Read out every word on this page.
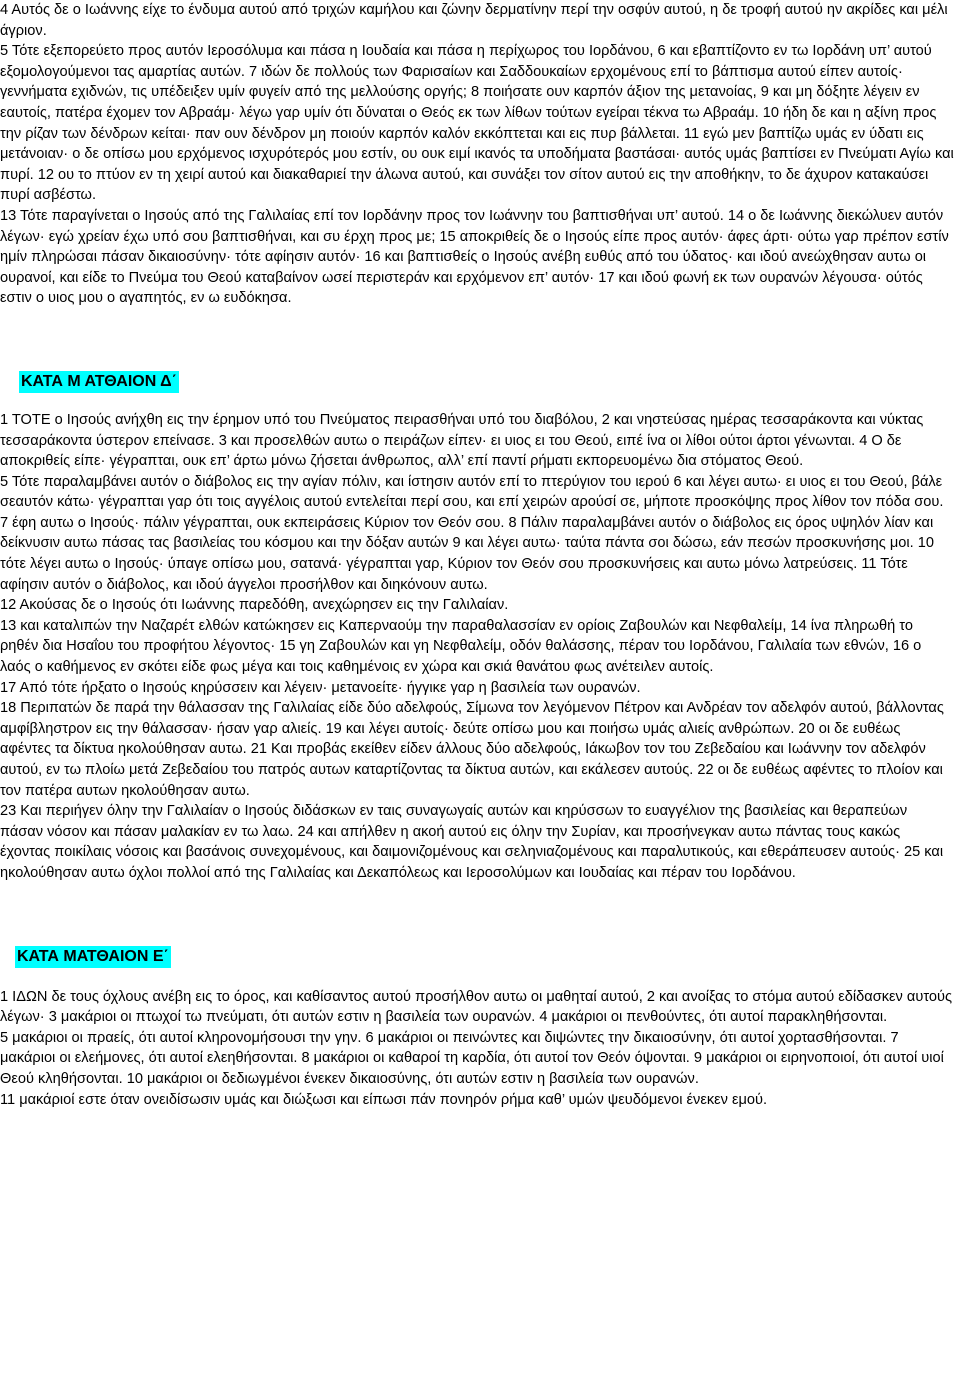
4 Αυτός δε ο Ιωάννης είχε το ένδυμα αυτού από τριχών καμήλου και ζώνην δερματίνην περί την οσφύν αυτού, η δε τροφή αυτού ην ακρίδες και μέλι άγριον.

5 Τότε εξεπορεύετο προς αυτόν Ιεροσόλυμα και πάσα η Ιουδαία και πάσα η περίχωρος του Ιορδάνου, 6 και εβαπτίζοντο εν τω Ιορδάνη υπ’ αυτού εξομολογούμενοι τας αμαρτίας αυτών. 7 ιδών δε πολλούς των Φαρισαίων και Σαδδουκαίων ερχομένους επί το βάπτισμα αυτού είπεν αυτοίς· γεννήματα εχιδνών, τις υπέδειξεν υμίν φυγείν από της μελλούσης οργής; 8 ποιήσατε ουν καρπόν άξιον της μετανοίας, 9 και μη δόξητε λέγειν εν εαυτοίς, πατέρα έχομεν τον Αβραάμ· λέγω γαρ υμίν ότι δύναται ο Θεός εκ των λίθων τούτων εγείραι τέκνα τω Αβραάμ. 10 ήδη δε και η αξίνη προς την ρίζαν των δένδρων κείται· παν ουν δένδρον μη ποιούν καρπόν καλόν εκκόπτεται και εις πυρ βάλλεται. 11 εγώ μεν βαπτίζω υμάς εν ύδατι εις μετάνοιαν· ο δε οπίσω μου ερχόμενος ισχυρότερός μου εστίν, ου ουκ ειμί ικανός τα υποδήματα βαστάσαι· αυτός υμάς βαπτίσει εν Πνεύματι Αγίω και πυρί. 12 ου το πτύον εν τη χειρί αυτού και διακαθαριεί την άλωνα αυτού, και συνάξει τον σίτον αυτού εις την αποθήκην, το δε άχυρον κατακαύσει πυρί ασβέστω.

13 Τότε παραγίνεται ο Ιησούς από της Γαλιλαίας επί τον Ιορδάνην προς τον Ιωάννην του βαπτισθήναι υπ’ αυτού. 14 ο δε Ιωάννης διεκώλυεν αυτόν λέγων· εγώ χρείαν έχω υπό σου βαπτισθήναι, και συ έρχη προς με; 15 αποκριθείς δε ο Ιησούς είπε προς αυτόν· άφες άρτι· ούτω γαρ πρέπον εστίν ημίν πληρώσαι πάσαν δικαιοσύνην· τότε αφίησιν αυτόν· 16 και βαπτισθείς ο Ιησούς ανέβη ευθύς από του ύδατος· και ιδού ανεώχθησαν αυτω οι ουρανοί, και είδε το Πνεύμα του Θεού καταβαίνον ωσεί περιστεράν και ερχόμενον επ’ αυτόν· 17 και ιδού φωνή εκ των ουρανών λέγουσα· ούτός εστιν ο υιος μου ο αγαπητός, εν ω ευδόκησα.

ΚΑΤΑ Μ ΑΤΘΑΙΟΝ Δ΄

1 ΤΟΤΕ ο Ιησούς ανήχθη εις την έρημον υπό του Πνεύματος πειρασθήναι υπό του διαβόλου, 2 και νηστεύσας ημέρας τεσσαράκοντα και νύκτας τεσσαράκοντα ύστερον επείνασε. 3 και προσελθών αυτω ο πειράζων είπεν· ει υιος ει του Θεού, ειπέ ίνα οι λίθοι ούτοι άρτοι γένωνται. 4 Ο δε αποκριθείς είπε· γέγραπται, ουκ επ’ άρτω μόνω ζήσεται άνθρωπος, αλλ’ επί παντί ρήματι εκπορευομένω δια στόματος Θεού.

5 Τότε παραλαμβάνει αυτόν ο διάβολος εις την αγίαν πόλιν, και ίστησιν αυτόν επί το πτερύγιον του ιερού 6 και λέγει αυτω· ει υιος ει του Θεού, βάλε σεαυτόν κάτω· γέγραπται γαρ ότι τοις αγγέλοις αυτού εντελείται περί σου, και επί χειρών αρούσί σε, μήποτε προσκόψης προς λίθον τον πόδα σου. 7 έφη αυτω ο Ιησούς· πάλιν γέγραπται, ουκ εκπειράσεις Κύριον τον Θεόν σου. 8 Πάλιν παραλαμβάνει αυτόν ο διάβολος εις όρος υψηλόν λίαν και δείκνυσιν αυτω πάσας τας βασιλείας του κόσμου και την δόξαν αυτών 9 και λέγει αυτω· ταύτα πάντα σοι δώσω, εάν πεσών προσκυνήσης μοι. 10 τότε λέγει αυτω ο Ιησούς· ύπαγε οπίσω μου, σατανά· γέγραπται γαρ, Κύριον τον Θεόν σου προσκυνήσεις και αυτω μόνω λατρεύσεις. 11 Τότε αφίησιν αυτόν ο διάβολος, και ιδού άγγελοι προσήλθον και διηκόνουν αυτω.

12 Ακούσας δε ο Ιησούς ότι Ιωάννης παρεδόθη, ανεχώρησεν εις την Γαλιλαίαν.

13 και καταλιπών την Ναζαρέτ ελθών κατώκησεν εις Καπερναούμ την παραθαλασσίαν εν ορίοις Ζαβουλών και Νεφθαλείμ, 14 ίνα πληρωθή το ρηθέν δια Ησαΐου του προφήτου λέγοντος· 15 γη Ζαβουλών και γη Νεφθαλείμ, οδόν θαλάσσης, πέραν του Ιορδάνου, Γαλιλαία των εθνών, 16 ο λαός ο καθήμενος εν σκότει είδε φως μέγα και τοις καθημένοις εν χώρα και σκιά θανάτου φως ανέτειλεν αυτοίς.

17 Από τότε ήρξατο ο Ιησούς κηρύσσειν και λέγειν· μετανοείτε· ήγγικε γαρ η βασιλεία των ουρανών.

18 Περιπατών δε παρά την θάλασσαν της Γαλιλαίας είδε δύο αδελφούς, Σίμωνα τον λεγόμενον Πέτρον και Ανδρέαν τον αδελφόν αυτού, βάλλοντας αμφίβληστρον εις την θάλασσαν· ήσαν γαρ αλιείς. 19 και λέγει αυτοίς· δεύτε οπίσω μου και ποιήσω υμάς αλιείς ανθρώπων. 20 οι δε ευθέως αφέντες τα δίκτυα ηκολούθησαν αυτω. 21 Και προβάς εκείθεν είδεν άλλους δύο αδελφούς, Ιάκωβον τον του Ζεβεδαίου και Ιωάννην τον αδελφόν αυτού, εν τω πλοίω μετά Ζεβεδαίου του πατρός αυτων καταρτίζοντας τα δίκτυα αυτών, και εκάλεσεν αυτούς. 22 οι δε ευθέως αφέντες το πλοίον και τον πατέρα αυτων ηκολούθησαν αυτω.

23 Και περιήγεν όλην την Γαλιλαίαν ο Ιησούς διδάσκων εν ταις συναγωγαίς αυτών και κηρύσσων το ευαγγέλιον της βασιλείας και θεραπεύων πάσαν νόσον και πάσαν μαλακίαν εν τω λαω. 24 και απήλθεν η ακοή αυτού εις όλην την Συρίαν, και προσήνεγκαν αυτω πάντας τους κακώς έχοντας ποικίλαις νόσοις και βασάνοις συνεχομένους, και δαιμονιζομένους και σεληνιαζομένους και παραλυτικούς, και εθεράπευσεν αυτούς· 25 και ηκολούθησαν αυτω όχλοι πολλοί από της Γαλιλαίας και Δεκαπόλεως και Ιεροσολύμων και Ιουδαίας και πέραν του Ιορδάνου.

ΚΑΤΑ ΜΑΤΘΑΙΟΝ Ε΄

1 ΙΔΩΝ δε τους όχλους ανέβη εις το όρος, και καθίσαντος αυτού προσήλθον αυτω οι μαθηταί αυτού, 2 και ανοίξας το στόμα αυτού εδίδασκεν αυτούς λέγων· 3 μακάριοι οι πτωχοί τω πνεύματι, ότι αυτών εστιν η βασιλεία των ουρανών. 4 μακάριοι οι πενθούντες, ότι αυτοί παρακληθήσονται.

5 μακάριοι οι πραείς, ότι αυτοί κληρονομήσουσι την γην. 6 μακάριοι οι πεινώντες και διψώντες την δικαιοσύνην, ότι αυτοί χορτασθήσονται. 7 μακάριοι οι ελεήμονες, ότι αυτοί ελεηθήσονται. 8 μακάριοι οι καθαροί τη καρδία, ότι αυτοί τον Θεόν όψονται. 9 μακάριοι οι ειρηνοποιοί, ότι αυτοί υιοί Θεού κληθήσονται. 10 μακάριοι οι δεδιωγμένοι ένεκεν δικαιοσύνης, ότι αυτών εστιν η βασιλεία των ουρανών.

11 μακάριοί εστε όταν ονειδίσωσιν υμάς και διώξωσι και είπωσι πάν πονηρόν ρήμα καθ’ υμών ψευδόμενοι ένεκεν εμού.
